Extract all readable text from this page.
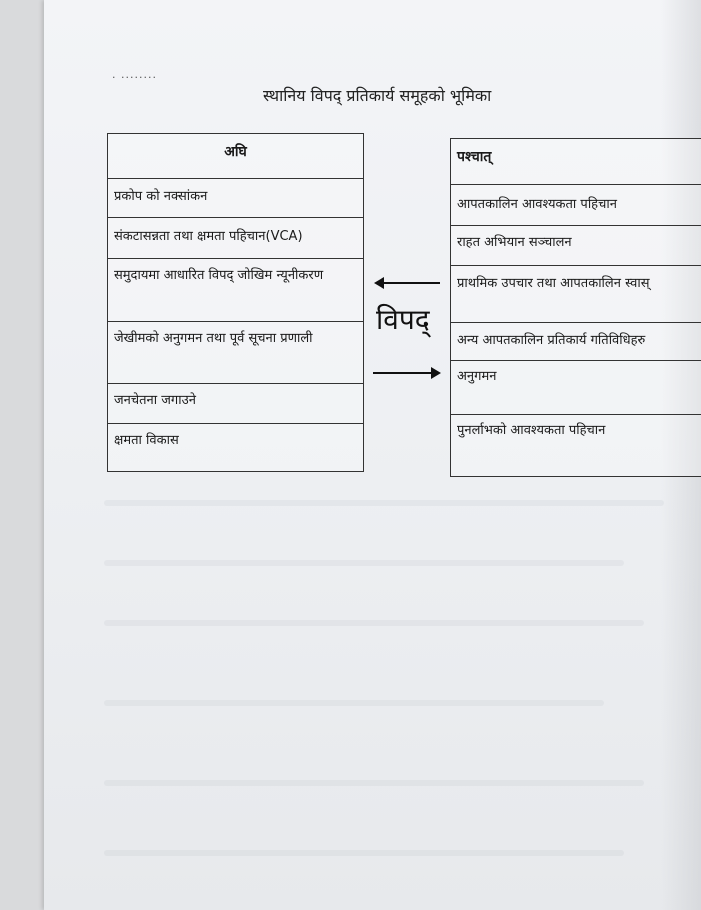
. ........
स्थानिय विपद् प्रतिकार्य समूहको भूमिका
अघि
प्रकोप को नक्सांकन
संकटासन्नता तथा क्षमता पहिचान(VCA)
समुदायमा आधारित विपद् जोखिम न्यूनीकरण
जेखीमको अनुगमन तथा पूर्व सूचना प्रणाली
जनचेतना जगाउने
क्षमता विकास
पश्चात्
आपतकालिन आवश्यकता पहिचान
राहत अभियान सञ्चालन
प्राथमिक उपचार तथा आपतकालिन स्वास्
अन्य आपतकालिन प्रतिकार्य गतिविधिहरु
अनुगमन
पुनर्लाभको आवश्यकता पहिचान
विपद्
